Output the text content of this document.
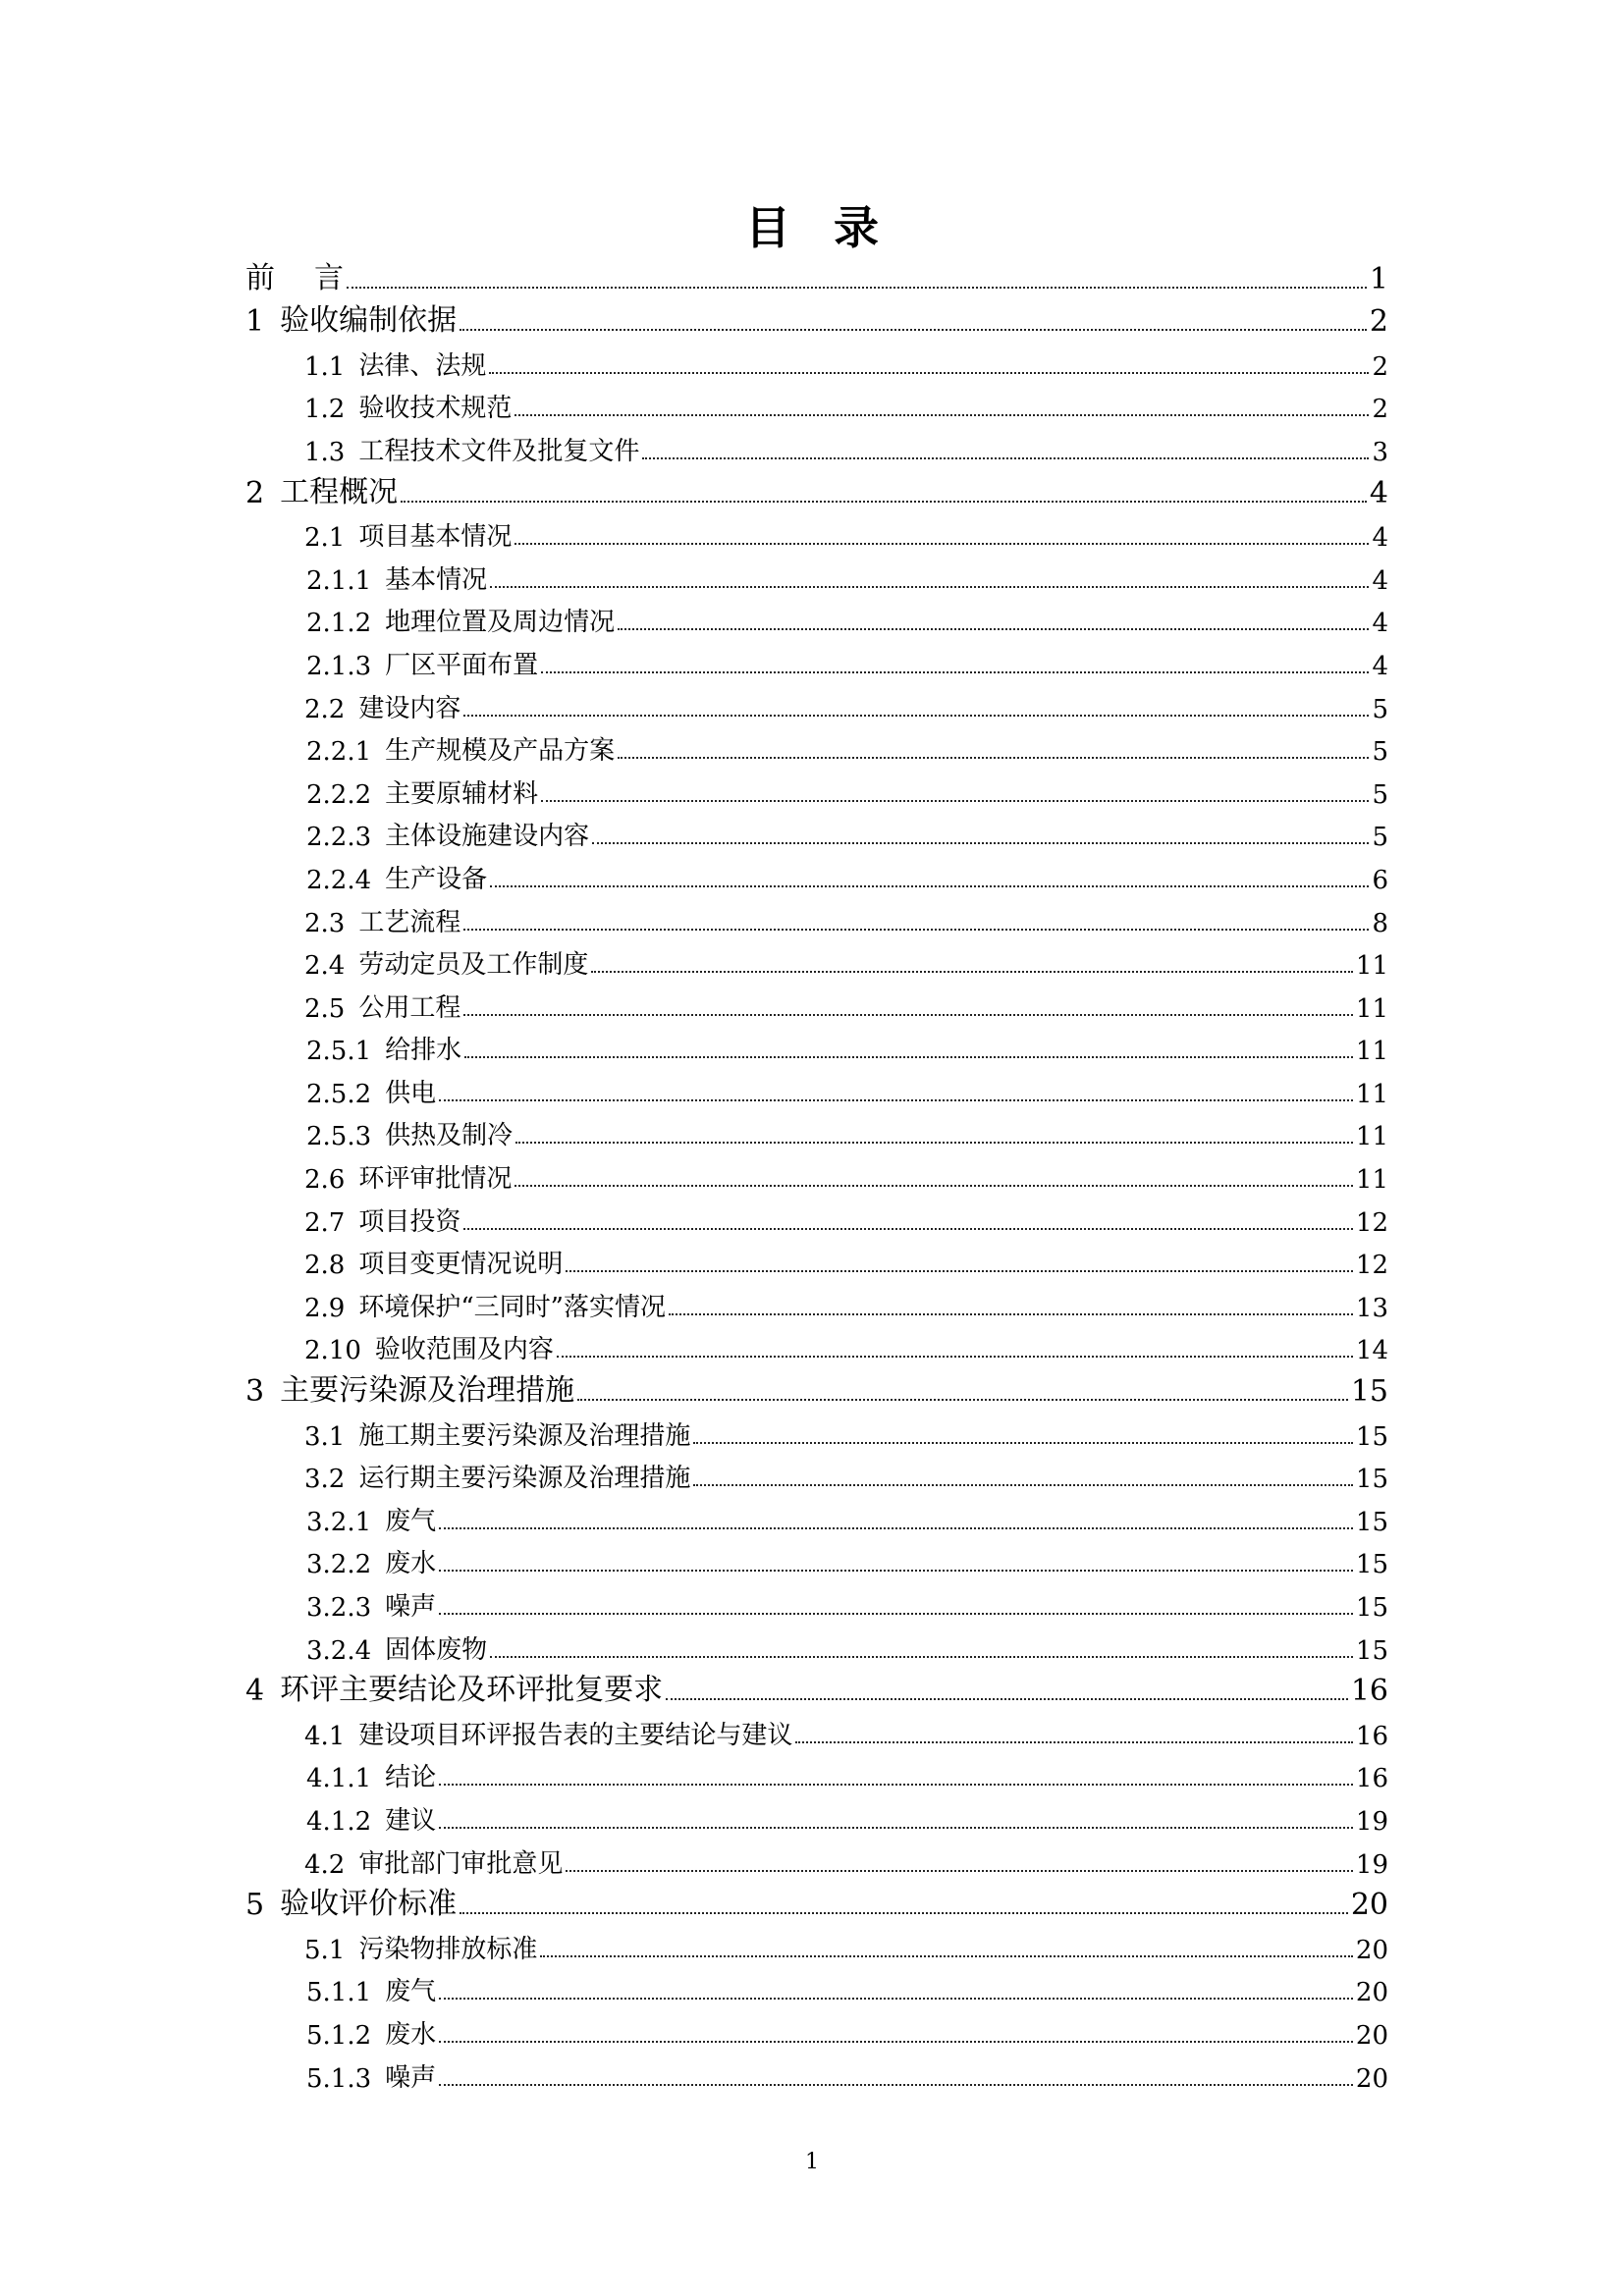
目 录
前 言	1
1 验收编制依据	2
1.1 法律、法规	2
1.2 验收技术规范	2
1.3 工程技术文件及批复文件	3
2 工程概况	4
2.1 项目基本情况	4
2.1.1 基本情况	4
2.1.2 地理位置及周边情况	4
2.1.3 厂区平面布置	4
2.2 建设内容	5
2.2.1 生产规模及产品方案	5
2.2.2 主要原辅材料	5
2.2.3 主体设施建设内容	5
2.2.4 生产设备	6
2.3 工艺流程	8
2.4 劳动定员及工作制度	11
2.5 公用工程	11
2.5.1 给排水	11
2.5.2 供电	11
2.5.3 供热及制冷	11
2.6 环评审批情况	11
2.7 项目投资	12
2.8 项目变更情况说明	12
2.9 环境保护“三同时”落实情况	13
2.10 验收范围及内容	14
3 主要污染源及治理措施	15
3.1 施工期主要污染源及治理措施	15
3.2 运行期主要污染源及治理措施	15
3.2.1 废气	15
3.2.2 废水	15
3.2.3 噪声	15
3.2.4 固体废物	15
4 环评主要结论及环评批复要求	16
4.1 建设项目环评报告表的主要结论与建议	16
4.1.1 结论	16
4.1.2 建议	19
4.2 审批部门审批意见	19
5 验收评价标准	20
5.1 污染物排放标准	20
5.1.1 废气	20
5.1.2 废水	20
5.1.3 噪声	20
1
